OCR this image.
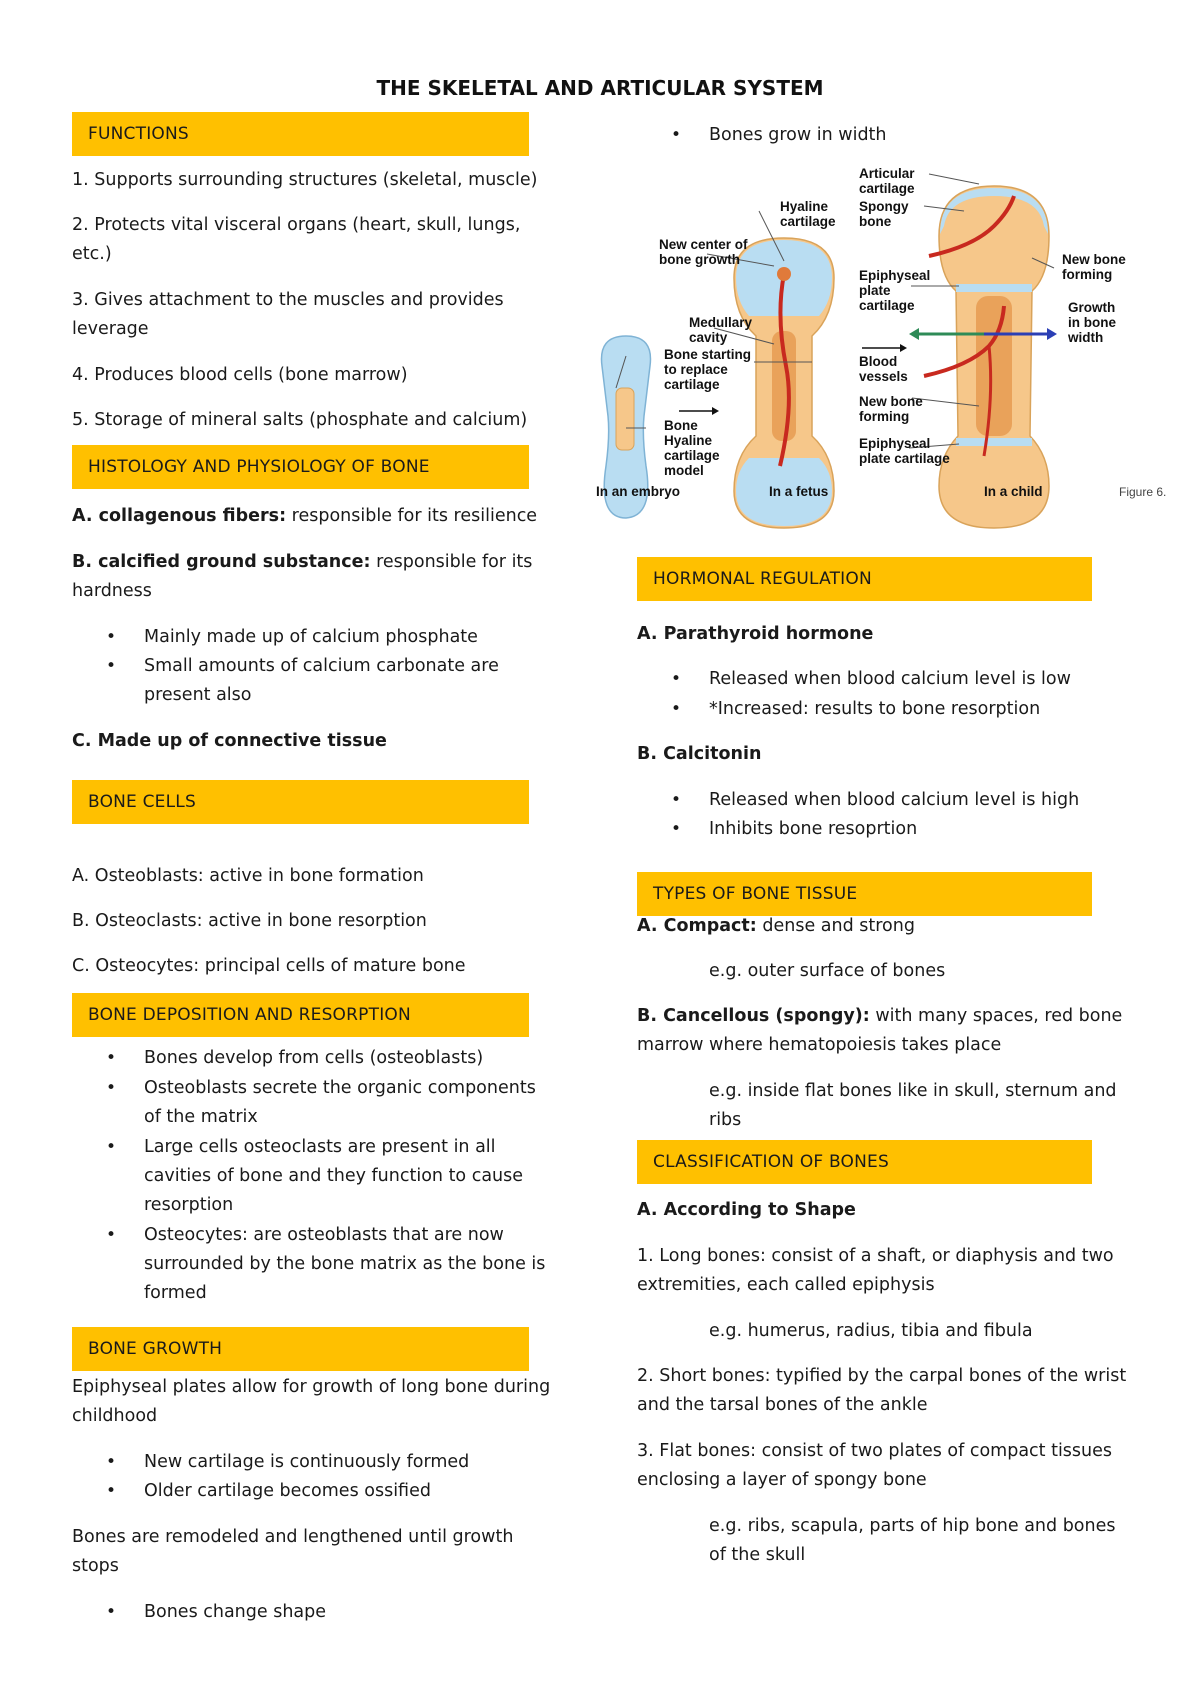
THE SKELETAL AND ARTICULAR SYSTEM
FUNCTIONS
1. Supports surrounding structures (skeletal, muscle)
2. Protects vital visceral organs (heart, skull, lungs, etc.)
3. Gives attachment to the muscles and provides leverage
4. Produces blood cells (bone marrow)
5. Storage of mineral salts (phosphate and calcium)
HISTOLOGY AND PHYSIOLOGY OF BONE
A. collagenous fibers: responsible for its resilience
B. calcified ground substance: responsible for its hardness
• Mainly made up of calcium phosphate
• Small amounts of calcium carbonate are present also
C. Made up of connective tissue
BONE CELLS
A. Osteoblasts: active in bone formation
B. Osteoclasts: active in bone resorption
C. Osteocytes: principal cells of mature bone
BONE DEPOSITION AND RESORPTION
• Bones develop from cells (osteoblasts)
• Osteoblasts secrete the organic components of the matrix
• Large cells osteoclasts are present in all cavities of bone and they function to cause resorption
• Osteocytes: are osteoblasts that are now surrounded by the bone matrix as the bone is formed
BONE GROWTH
Epiphyseal plates allow for growth of long bone during childhood
• New cartilage is continuously formed
• Older cartilage becomes ossified
Bones are remodeled and lengthened until growth stops
• Bones change shape
• Bones grow in width
HORMONAL REGULATION
A. Parathyroid hormone
• Released when blood calcium level is low
• *Increased: results to bone resorption
B. Calcitonin
• Released when blood calcium level is high
• Inhibits bone resoprtion
TYPES OF BONE TISSUE
A. Compact: dense and strong
e.g. outer surface of bones
B. Cancellous (spongy): with many spaces, red bone marrow where hematopoiesis takes place
e.g. inside flat bones like in skull, sternum and ribs
CLASSIFICATION OF BONES
A. According to Shape
1. Long bones: consist of a shaft, or diaphysis and two extremities, each called epiphysis
e.g. humerus, radius, tibia and fibula
2. Short bones: typified by the carpal bones of the wrist and the tarsal bones of the ankle
3. Flat bones: consist of two plates of compact tissues enclosing a layer of spongy bone
e.g. ribs, scapula, parts of hip bone and bones of the skull
Articular
cartilage
Spongy
bone
Hyaline
cartilage
New center of
bone growth	New bone
forming
Epiphyseal
plate
cartilage	Growth
in bone
width
Medullary
cavity
Bone starting
to replace
cartilage
Blood
vessels
New bone
forming
Bone
Hyaline
cartilage
model
Epiphyseal
plate cartilage
In an embryo	In a fetus	In a child	Figure 6.
